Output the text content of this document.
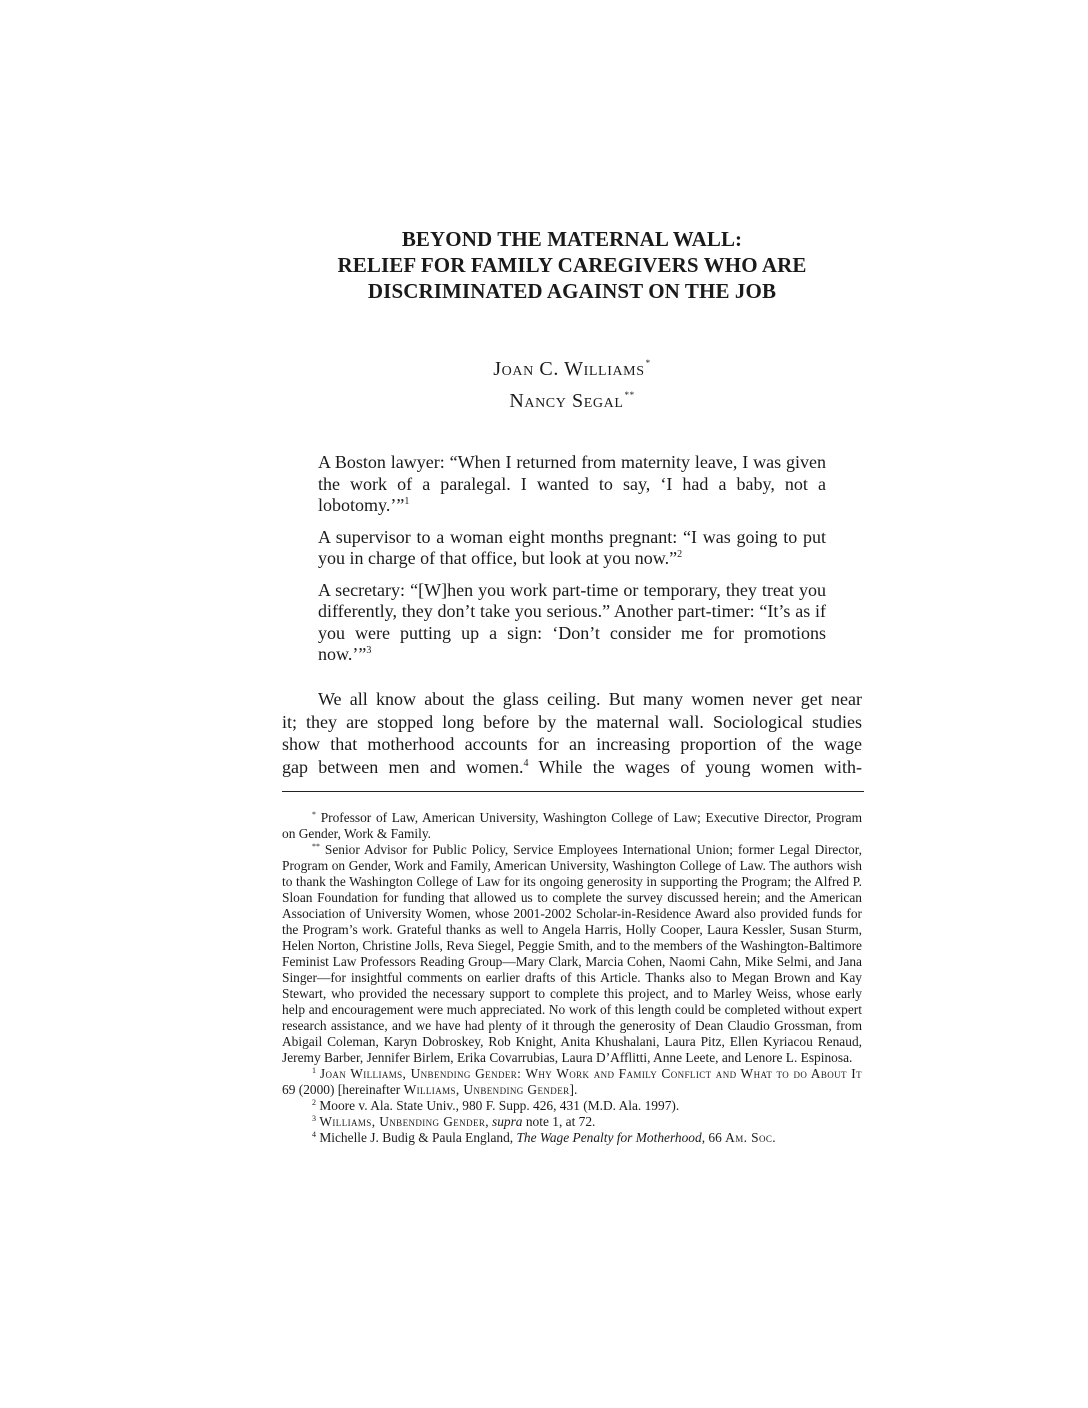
BEYOND THE MATERNAL WALL:
RELIEF FOR FAMILY CAREGIVERS WHO ARE
DISCRIMINATED AGAINST ON THE JOB
Joan C. Williams*
Nancy Segal**

A Boston lawyer: “When I returned from maternity leave, I was given the work of a paralegal. I wanted to say, ‘I had a baby, not a lobotomy.’”$^1$

A supervisor to a woman eight months pregnant: “I was going to put you in charge of that office, but look at you now.”$^2$

A secretary: “[W]hen you work part-time or temporary, they treat you differently, they don’t take you serious.” Another part-timer: “It’s as if you were putting up a sign: ‘Don’t consider me for promotions now.’”$^3$

We all know about the glass ceiling. But many women never get near
it; they are stopped long before by the maternal wall. Sociological studies
show that motherhood accounts for an increasing proportion of the wage
gap between men and women.$^4$ While the wages of young women with-

* Professor of Law, American University, Washington College of Law; Executive Director, Program on Gender, Work & Family.

** Senior Advisor for Public Policy, Service Employees International Union; former Legal Director, Program on Gender, Work and Family, American University, Washington College of Law. The authors wish to thank the Washington College of Law for its ongoing generosity in supporting the Program; the Alfred P. Sloan Foundation for funding that allowed us to complete the survey discussed herein; and the American Association of University Women, whose 2001-2002 Scholar-in-Residence Award also provided funds for the Program’s work. Grateful thanks as well to Angela Harris, Holly Cooper, Laura Kessler, Susan Sturm, Helen Norton, Christine Jolls, Reva Siegel, Peggie Smith, and to the members of the Washington-Baltimore Feminist Law Professors Reading Group—Mary Clark, Marcia Cohen, Naomi Cahn, Mike Selmi, and Jana Singer—for insightful comments on earlier drafts of this Article. Thanks also to Megan Brown and Kay Stewart, who provided the necessary support to complete this project, and to Marley Weiss, whose early help and encouragement were much appreciated. No work of this length could be completed without expert research assistance, and we have had plenty of it through the generosity of Dean Claudio Grossman, from Abigail Coleman, Karyn Dobroskey, Rob Knight, Anita Khushalani, Laura Pitz, Ellen Kyriacou Renaud, Jeremy Barber, Jennifer Birlem, Erika Covarrubias, Laura D’Afflitti, Anne Leete, and Lenore L. Espinosa.

$^1$ Joan Williams, Unbending Gender: Why Work and Family Conflict and What to do About It 69 (2000) [hereinafter Williams, Unbending Gender].

$^2$ Moore v. Ala. State Univ., 980 F. Supp. 426, 431 (M.D. Ala. 1997).

$^3$ Williams, Unbending Gender, supra note 1, at 72.

$^4$ Michelle J. Budig & Paula England, The Wage Penalty for Motherhood, 66 Am. Soc.
